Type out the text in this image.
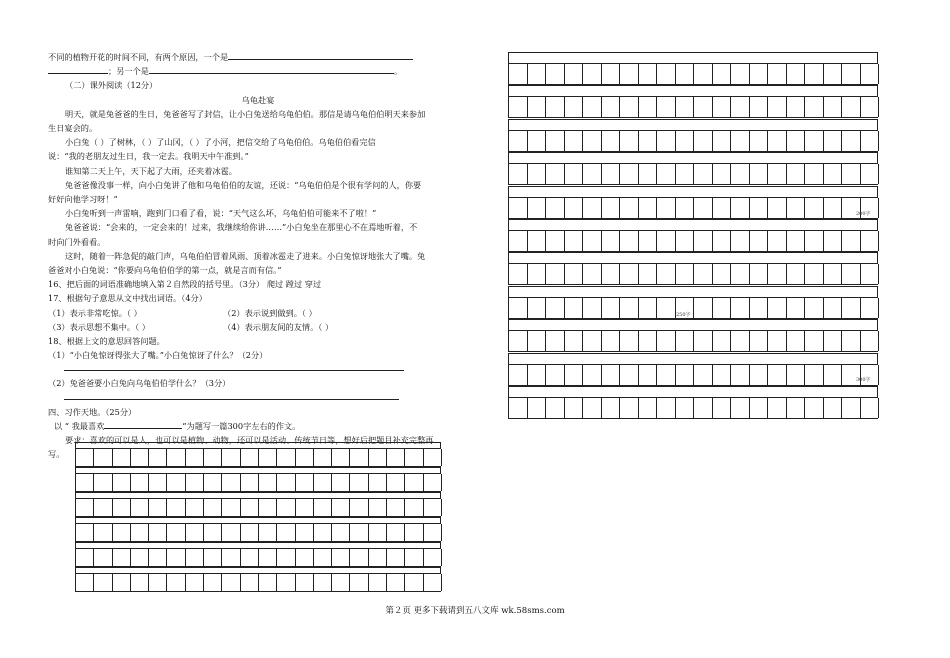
不同的植物开花的时间不同，有两个原因，一个是
；另一个是	。
（二）课外阅读（12分）
乌龟赴宴
明天，就是兔爸爸的生日，兔爸爸写了封信，让小白兔送给乌龟伯伯。那信是请乌龟伯伯明天来参加
生日宴会的。
小白兔（ ）了树林，（ ）了山冈，（ ）了小河，把信交给了乌龟伯伯。乌龟伯伯看完信
说：“我的老朋友过生日，我一定去。我明天中午准到。”
谁知第二天上午，天下起了大雨，还夹着冰雹。
兔爸爸像没事一样，向小白兔讲了他和乌龟伯伯的友谊，还说：“乌龟伯伯是个很有学问的人，你要
好好向他学习呀！”
小白兔听到一声雷响，跑到门口看了看，说：“天气这么坏，乌龟伯伯可能来不了啦！”
兔爸爸说：“会来的，一定会来的！过来，我继续给你讲……”小白兔坐在那里心不在焉地听着，不
时向门外看看。
这时，随着一阵急促的敲门声，乌龟伯伯冒着风雨、顶着冰雹走了进来。小白兔惊讶地张大了嘴。兔
爸爸对小白兔说：“你要向乌龟伯伯学的第一点，就是言而有信。”
16、把后面的词语准确地填入第２自然段的括号里。（3分） 爬过 蹚过 穿过
17、根据句子意思从文中找出词语。（4分）
（1）表示非常吃惊。（ ）	（2）表示说到做到。（ ）
（3）表示思想不集中。（ ）	（4）表示朋友间的友情。（ ）
18、根据上文的意思回答问题。
（1）“小白兔惊讶得张大了嘴。”小白兔惊讶了什么？（2分）
（2）兔爸爸要小白兔向乌龟伯伯学什么？（3分）
四、习作天地。（25分）
以 “ 我最喜欢	”为题写一篇300字左右的作文。
要求：喜欢的可以是人，也可以是植物、动物，还可以是活动、传统节日等，想好后把题目补充完整再
写。
200字
250字
300字
第２页 更多下载请到五八文库 wk.58sms.com
